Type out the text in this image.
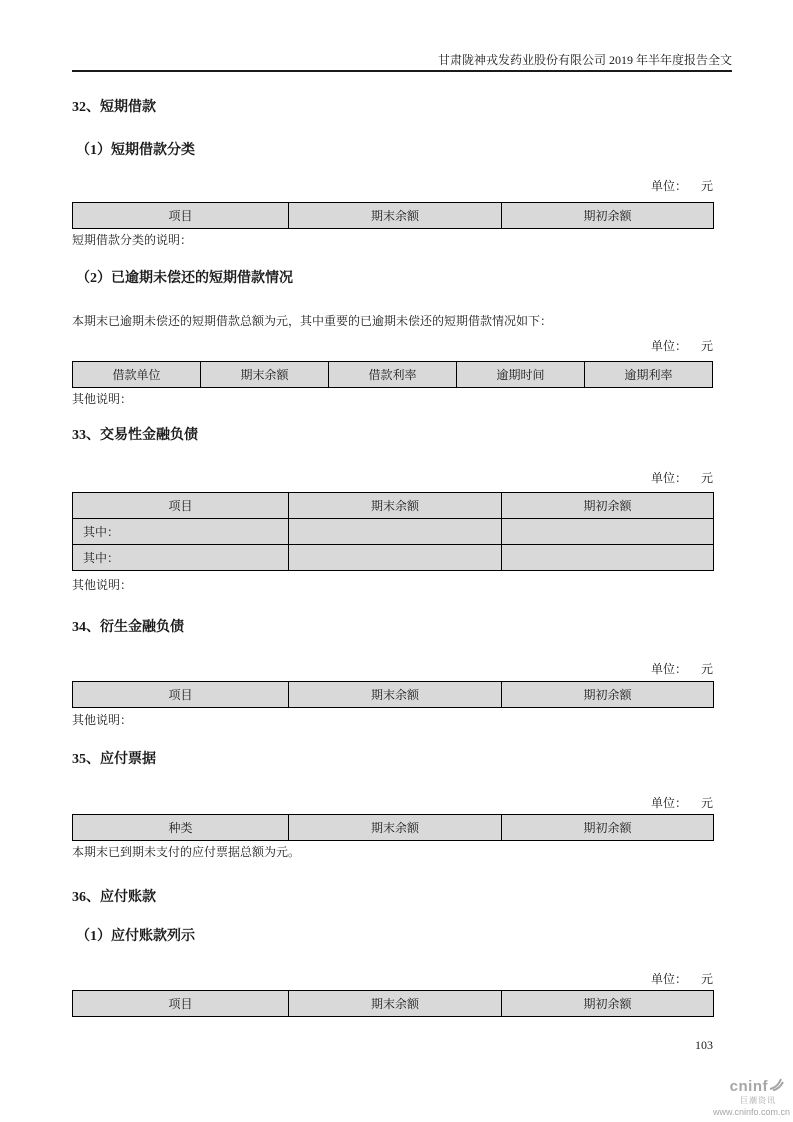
甘肃陇神戎发药业股份有限公司 2019 年半年度报告全文
32、短期借款
（1）短期借款分类
单位： 元
项目	期末余额	期初余额
短期借款分类的说明：
（2）已逾期未偿还的短期借款情况
本期末已逾期未偿还的短期借款总额为元，其中重要的已逾期未偿还的短期借款情况如下：
单位： 元
借款单位	期末余额	借款利率	逾期时间	逾期利率
其他说明：
33、交易性金融负债
单位： 元
项目	期末余额	期初余额
其中：		
其中：		
其他说明：
34、衍生金融负债
单位： 元
项目	期末余额	期初余额
其他说明：
35、应付票据
单位： 元
种类	期末余额	期初余额
本期末已到期未支付的应付票据总额为元。
36、应付账款
（1）应付账款列示
单位： 元
项目	期末余额	期初余额
103
cninf
巨潮资讯
www.cninfo.com.cn
